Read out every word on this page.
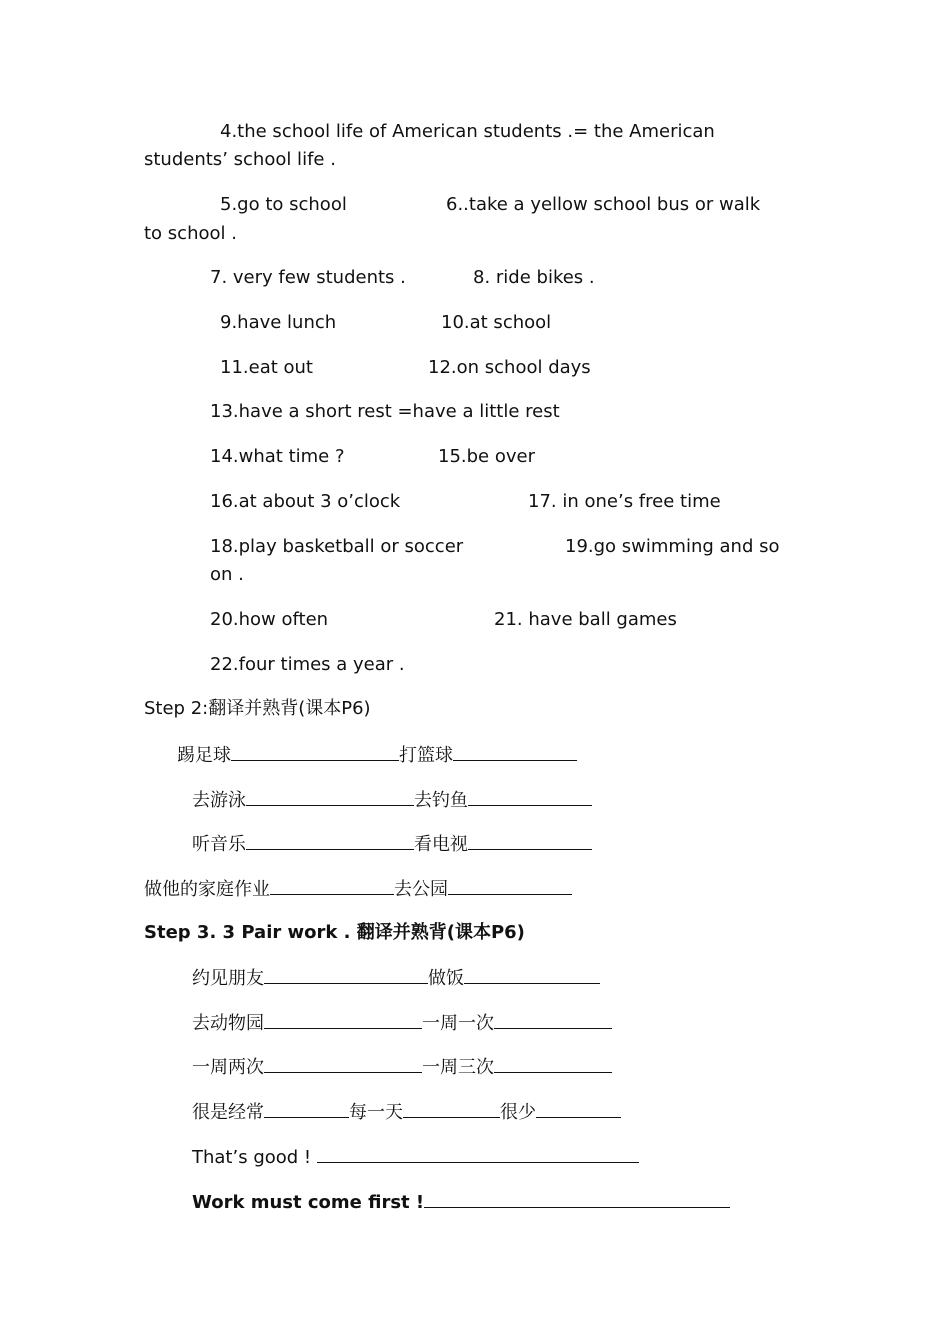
4.the school life of American students .= the American
students’ school life .
5.go to school	6..take a yellow school bus or walk
to school .
7. very few students .	8. ride bikes .
9.have lunch	10.at school
11.eat out	12.on school days
13.have a short rest =have a little rest
14.what time ?	15.be over
16.at about 3 o’clock	17. in one’s free time
18.play basketball or soccer	19.go swimming and so
on .
20.how often	21. have ball games
22.four times a year .
Step 2:翻译并熟背(课本P6)
踢足球	打篮球
去游泳	去钓鱼
听音乐	看电视
做他的家庭作业	去公园
Step 3. 3 Pair work . 翻译并熟背(课本P6)
约见朋友	做饭
去动物园	一周一次
一周两次	一周三次
很是经常	每一天	很少
That’s good !
Work must come first !
